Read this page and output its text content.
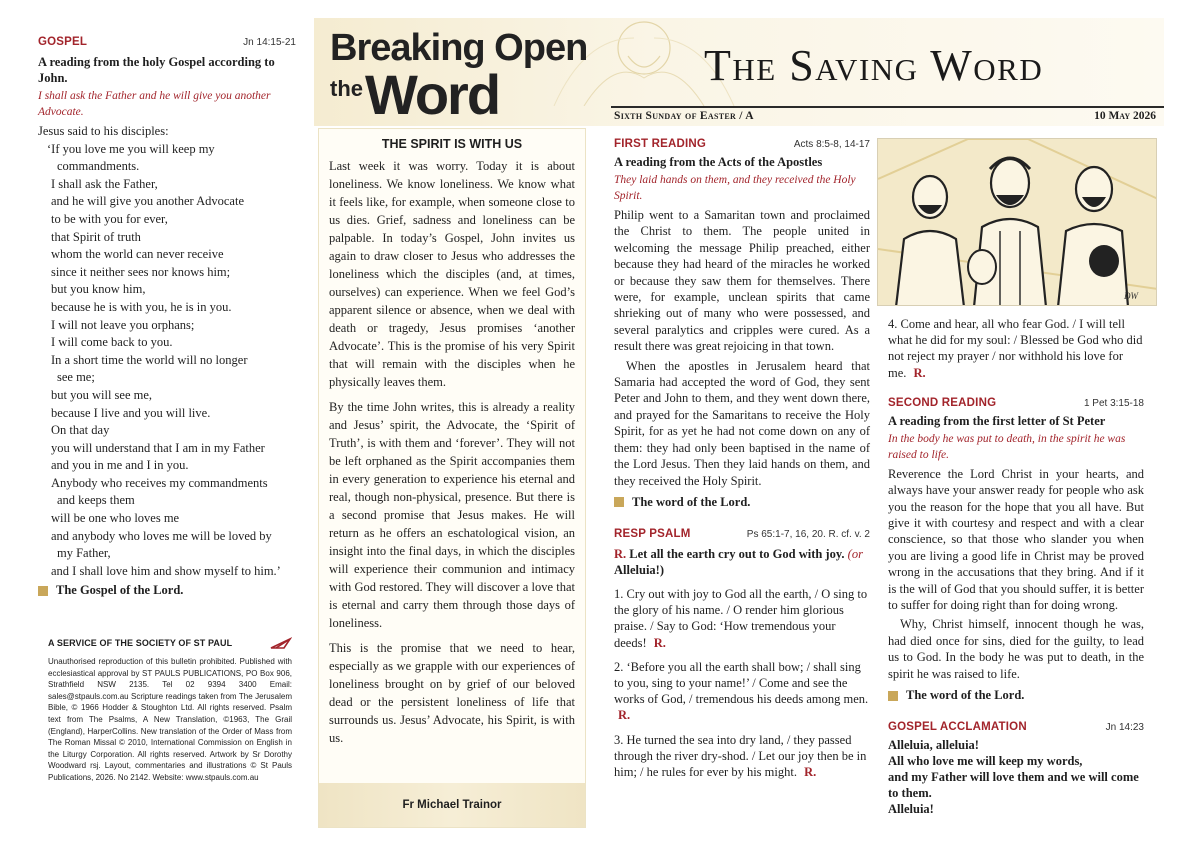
GOSPEL	Jn 14:15-21
A reading from the holy Gospel according to John.
I shall ask the Father and he will give you another Advocate.
Jesus said to his disciples:
‘If you love me you will keep my
commandments.
I shall ask the Father,
and he will give you another Advocate
to be with you for ever,
that Spirit of truth
whom the world can never receive
since it neither sees nor knows him;
but you know him,
because he is with you, he is in you.
I will not leave you orphans;
I will come back to you.
In a short time the world will no longer
see me;
but you will see me,
because I live and you will live.
On that day
you will understand that I am in my Father
and you in me and I in you.
Anybody who receives my commandments
and keeps them
will be one who loves me
and anybody who loves me will be loved by
my Father,
and I shall love him and show myself to him.’
The Gospel of the Lord.
A SERVICE OF THE SOCIETY OF ST PAUL
Unauthorised reproduction of this bulletin prohibited. Published with ecclesiastical approval by ST PAULS PUBLICATIONS, PO Box 906, Strathfield NSW 2135. Tel 02 9394 3400 Email: sales@stpauls.com.au Scripture readings taken from The Jerusalem Bible, © 1966 Hodder & Stoughton Ltd. All rights reserved. Psalm text from The Psalms, A New Translation, ©1963, The Grail (England), HarperCollins. New translation of the Order of Mass from The Roman Missal © 2010, International Commission on English in the Liturgy Corporation. All rights reserved. Artwork by Sr Dorothy Woodward rsj. Layout, commentaries and illustrations © St Pauls Publications, 2026. No 2142. Website: www.stpauls.com.au
Breaking Open
the Word	The Saving Word
Sixth Sunday of Easter / A	10 May 2026
THE SPIRIT IS WITH US

Last week it was worry. Today it is about loneliness. We know loneliness. We know what it feels like, for example, when someone close to us dies. Grief, sadness and loneliness can be palpable. In today’s Gospel, John invites us again to draw closer to Jesus who addresses the loneliness which the disciples (and, at times, ourselves) can experience. When we feel God’s apparent silence or absence, when we deal with death or tragedy, Jesus promises ‘another Advocate’. This is the promise of his very Spirit that will remain with the disciples when he physically leaves them.

By the time John writes, this is already a reality and Jesus’ spirit, the Advocate, the ‘Spirit of Truth’, is with them and ‘forever’. They will not be left orphaned as the Spirit accompanies them in every generation to experience his eternal and real, though non-physical, presence. But there is a second promise that Jesus makes. He will return as he offers an eschatological vision, an insight into the final days, in which the disciples will experience their communion and intimacy with God restored. They will discover a love that is eternal and carry them through those days of loneliness.

This is the promise that we need to hear, especially as we grapple with our experiences of loneliness brought on by grief of our beloved dead or the persistent loneliness of life that surrounds us. Jesus’ Advocate, his Spirit, is with us.

Fr Michael Trainor
FIRST READING	Acts 8:5-8, 14-17
A reading from the Acts of the Apostles
They laid hands on them, and they received the Holy Spirit.

Philip went to a Samaritan town and proclaimed the Christ to them. The people united in welcoming the message Philip preached, either because they had heard of the miracles he worked or because they saw them for themselves. There were, for example, unclean spirits that came shrieking out of many who were possessed, and several paralytics and cripples were cured. As a result there was great rejoicing in that town.

When the apostles in Jerusalem heard that Samaria had accepted the word of God, they sent Peter and John to them, and they went down there, and prayed for the Samaritans to receive the Holy Spirit, for as yet he had not come down on any of them: they had only been baptised in the name of the Lord Jesus. Then they laid hands on them, and they received the Holy Spirit.

The word of the Lord.
RESP PSALM	Ps 65:1-7, 16, 20. R. cf. v. 2
R. Let all the earth cry out to God with joy. (or Alleluia!)
1. Cry out with joy to God all the earth, / O sing to the glory of his name. / O render him glorious praise. / Say to God: ‘How tremendous your deeds! R.
2. ‘Before you all the earth shall bow; / shall sing to you, sing to your name!’ / Come and see the works of God, / tremendous his deeds among men. R.
3. He turned the sea into dry land, / they passed through the river dry-shod. / Let our joy then be in him; / he rules for ever by his might. R.
DW
4. Come and hear, all who fear God. / I will tell what he did for my soul: / Blessed be God who did not reject my prayer / nor withhold his love for me. R.
SECOND READING	1 Pet 3:15-18
A reading from the first letter of St Peter
In the body he was put to death, in the spirit he was raised to life.

Reverence the Lord Christ in your hearts, and always have your answer ready for people who ask you the reason for the hope that you all have. But give it with courtesy and respect and with a clear conscience, so that those who slander you when you are living a good life in Christ may be proved wrong in the accusations that they bring. And if it is the will of God that you should suffer, it is better to suffer for doing right than for doing wrong.

Why, Christ himself, innocent though he was, had died once for sins, died for the guilty, to lead us to God. In the body he was put to death, in the spirit he was raised to life.

The word of the Lord.
GOSPEL ACCLAMATION	Jn 14:23
Alleluia, alleluia!
All who love me will keep my words,
and my Father will love them and we will come to them.
Alleluia!
